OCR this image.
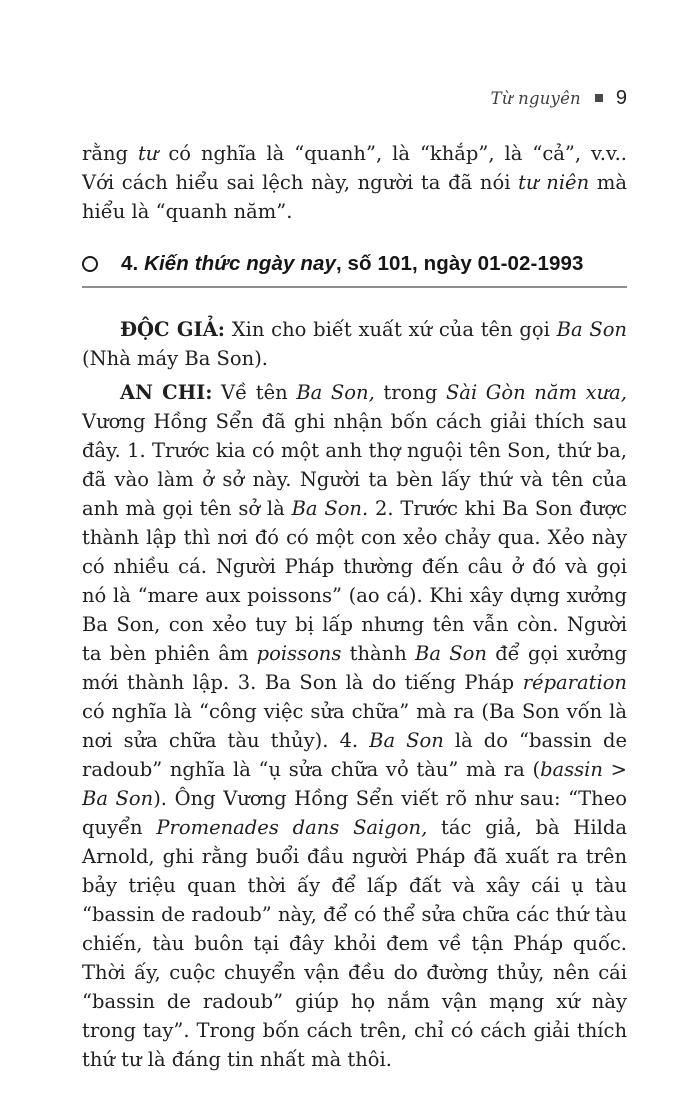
Từ nguyên 9

rằng tư có nghĩa là “quanh”, là “khắp”, là “cả”, v.v.. Với cách hiểu sai lệch này, người ta đã nói tư niên mà hiểu là “quanh năm”.

4. Kiến thức ngày nay, số 101, ngày 01-02-1993

ĐỘC GIẢ: Xin cho biết xuất xứ của tên gọi Ba Son (Nhà máy Ba Son).

AN CHI: Về tên Ba Son, trong Sài Gòn năm xưa, Vương Hồng Sển đã ghi nhận bốn cách giải thích sau đây. 1. Trước kia có một anh thợ nguội tên Son, thứ ba, đã vào làm ở sở này. Người ta bèn lấy thứ và tên của anh mà gọi tên sở là Ba Son. 2. Trước khi Ba Son được thành lập thì nơi đó có một con xẻo chảy qua. Xẻo này có nhiều cá. Người Pháp thường đến câu ở đó và gọi nó là “mare aux poissons” (ao cá). Khi xây dựng xưởng Ba Son, con xẻo tuy bị lấp nhưng tên vẫn còn. Người ta bèn phiên âm poissons thành Ba Son để gọi xưởng mới thành lập. 3. Ba Son là do tiếng Pháp réparation có nghĩa là “công việc sửa chữa” mà ra (Ba Son vốn là nơi sửa chữa tàu thủy). 4. Ba Son là do “bassin de radoub” nghĩa là “ụ sửa chữa vỏ tàu” mà ra (bassin > Ba Son). Ông Vương Hồng Sển viết rõ như sau: “Theo quyển Promenades dans Saigon, tác giả, bà Hilda Arnold, ghi rằng buổi đầu người Pháp đã xuất ra trên bảy triệu quan thời ấy để lấp đất và xây cái ụ tàu “bassin de radoub” này, để có thể sửa chữa các thứ tàu chiến, tàu buôn tại đây khỏi đem về tận Pháp quốc. Thời ấy, cuộc chuyển vận đều do đường thủy, nên cái “bassin de radoub” giúp họ nắm vận mạng xứ này trong tay”. Trong bốn cách trên, chỉ có cách giải thích thứ tư là đáng tin nhất mà thôi.
